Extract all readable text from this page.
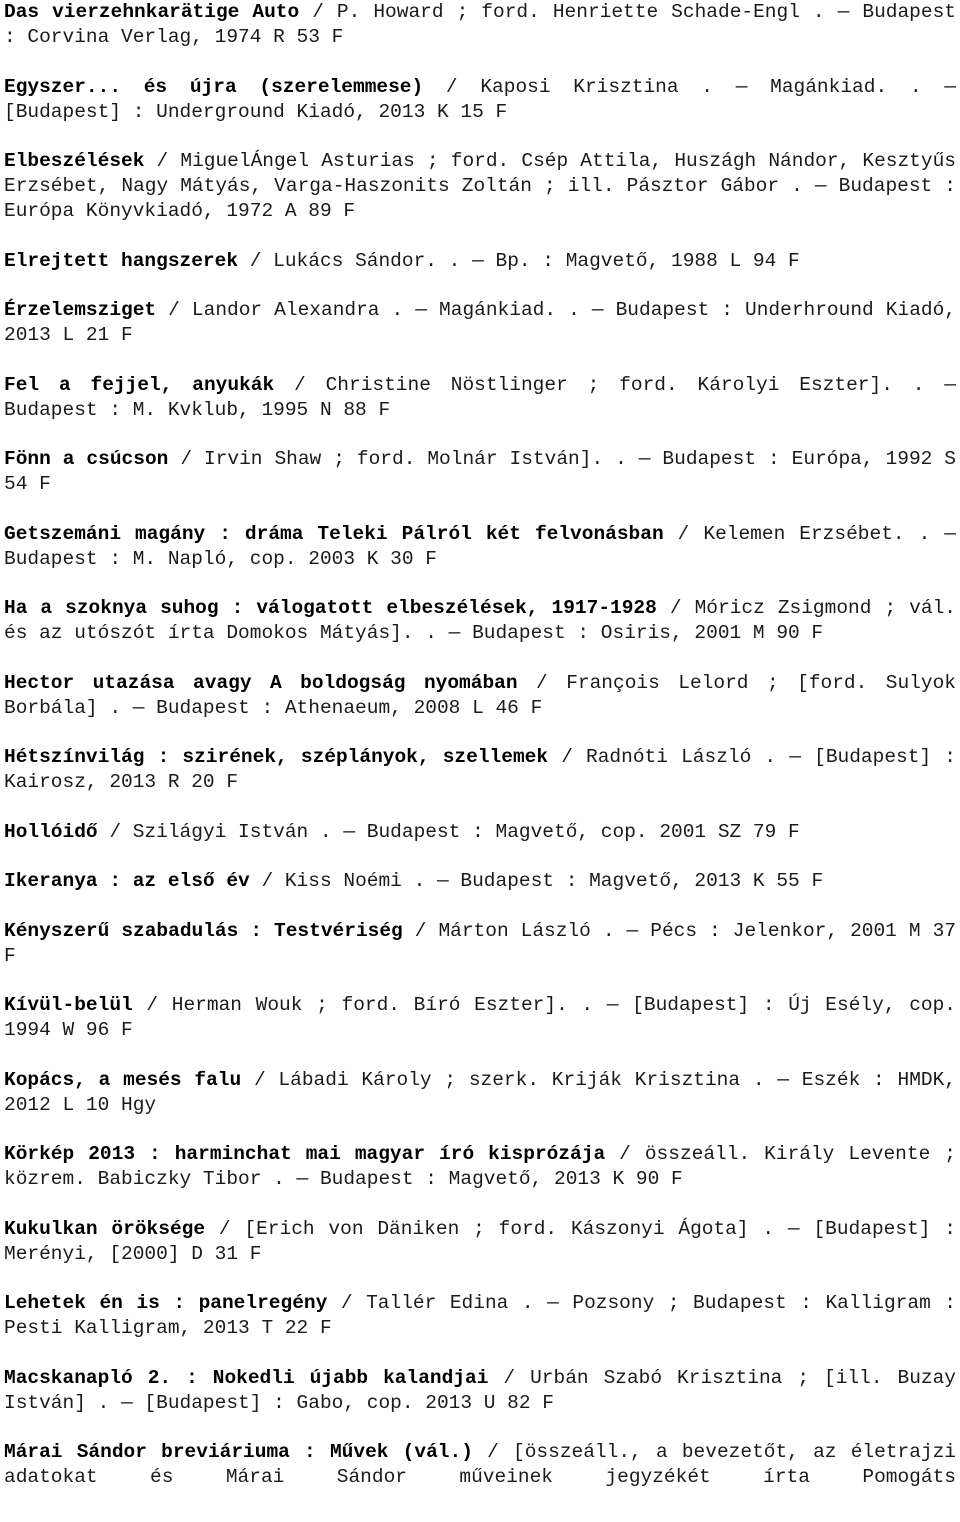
Das vierzehnkarätige Auto / P. Howard ; ford. Henriette Schade-Engl . — Budapest : Corvina Verlag, 1974 R 53 F

Egyszer... és újra (szerelemmese) / Kaposi Krisztina . — Magánkiad. . — [Budapest] : Underground Kiadó, 2013 K 15 F

Elbeszélések / MiguelÁngel Asturias ; ford. Csép Attila, Huszágh Nándor, Kesztyűs Erzsébet, Nagy Mátyás, Varga-Haszonits Zoltán ; ill. Pásztor Gábor . — Budapest : Európa Könyvkiadó, 1972 A 89 F

Elrejtett hangszerek / Lukács Sándor. . — Bp. : Magvető, 1988 L 94 F

Érzelemsziget / Landor Alexandra . — Magánkiad. . — Budapest : Underhround Kiadó, 2013 L 21 F

Fel a fejjel, anyukák / Christine Nöstlinger ; ford. Károlyi Eszter]. . — Budapest : M. Kvklub, 1995 N 88 F

Fönn a csúcson / Irvin Shaw ; ford. Molnár István]. . — Budapest : Európa, 1992 S 54 F

Getszemáni magány : dráma Teleki Pálról két felvonásban / Kelemen Erzsébet. . — Budapest : M. Napló, cop. 2003 K 30 F

Ha a szoknya suhog : válogatott elbeszélések, 1917-1928 / Móricz Zsigmond ; vál. és az utószót írta Domokos Mátyás]. . — Budapest : Osiris, 2001 M 90 F

Hector utazása avagy A boldogság nyomában / François Lelord ; [ford. Sulyok Borbála] . — Budapest : Athenaeum, 2008 L 46 F

Hétszínvilág : szirének, széplányok, szellemek / Radnóti László . — [Budapest] : Kairosz, 2013 R 20 F

Hollóidő / Szilágyi István . — Budapest : Magvető, cop. 2001 SZ 79 F

Ikeranya : az első év / Kiss Noémi . — Budapest : Magvető, 2013 K 55 F

Kényszerű szabadulás : Testvériség / Márton László . — Pécs : Jelenkor, 2001 M 37 F

Kívül-belül / Herman Wouk ; ford. Bíró Eszter]. . — [Budapest] : Új Esély, cop. 1994 W 96 F

Kopács, a mesés falu / Lábadi Károly ; szerk. Kriják Krisztina . — Eszék : HMDK, 2012 L 10 Hgy

Körkép 2013 : harminchat mai magyar író kisprózája / összeáll. Király Levente ; közrem. Babiczky Tibor . — Budapest : Magvető, 2013 K 90 F

Kukulkan öröksége / [Erich von Däniken ; ford. Kászonyi Ágota] . — [Budapest] : Merényi, [2000] D 31 F

Lehetek én is : panelregény / Tallér Edina . — Pozsony ; Budapest : Kalligram : Pesti Kalligram, 2013 T 22 F

Macskanapló 2. : Nokedli újabb kalandjai / Urbán Szabó Krisztina ; [ill. Buzay István] . — [Budapest] : Gabo, cop. 2013 U 82 F

Márai Sándor breviáriuma : Művek (vál.) / [összeáll., a bevezetőt, az életrajzi adatokat és Márai Sándor műveinek jegyzékét írta Pomogáts
